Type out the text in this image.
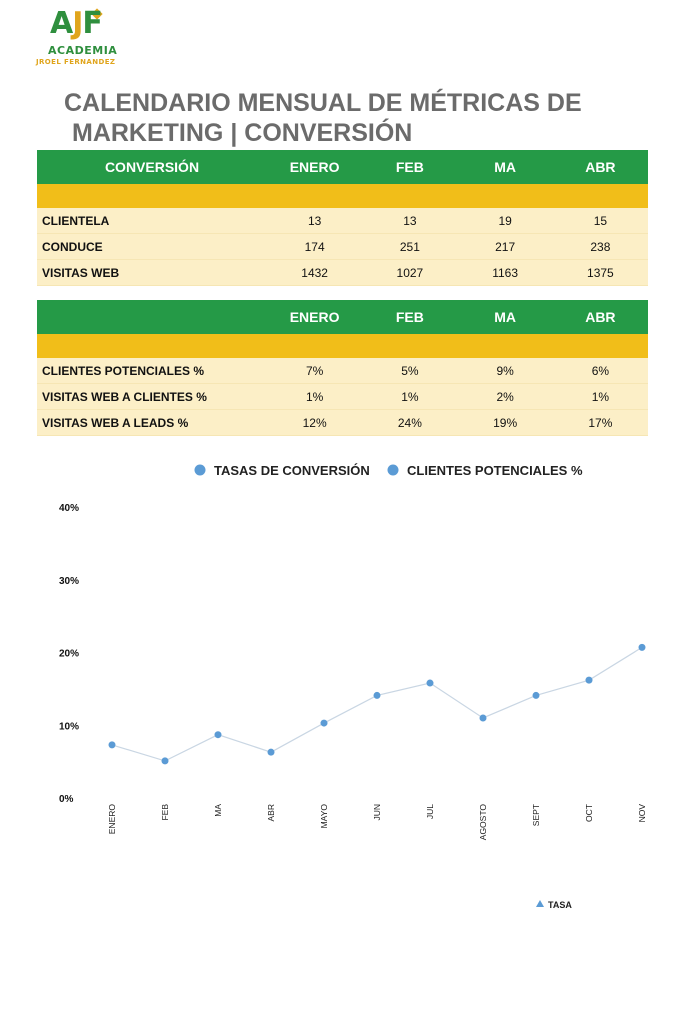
AJF
ACADEMIA
JROEL FERNANDEZ
CALENDARIO MENSUAL DE MÉTRICAS DE
MARKETING | CONVERSIÓN
CONVERSIÓN	ENERO	FEB	MA	ABR

CLIENTELA	13	13	19	15
CONDUCE	174	251	217	238
VISITAS WEB	1432	1027	1163	1375
	ENERO	FEB	MA	ABR

CLIENTES POTENCIALES %	7%	5%	9%	6%
VISITAS WEB A CLIENTES %	1%	1%	2%	1%
VISITAS WEB A LEADS %	12%	24%	19%	17%
TASAS DE CONVERSIÓN	CLIENTES POTENCIALES %
0%
10%
20%
30%
40%
ENERO	FEB	MA	ABR	MAYO	JUN	JUL	AGOSTO	SEPT	OCT	NOV
TASA
